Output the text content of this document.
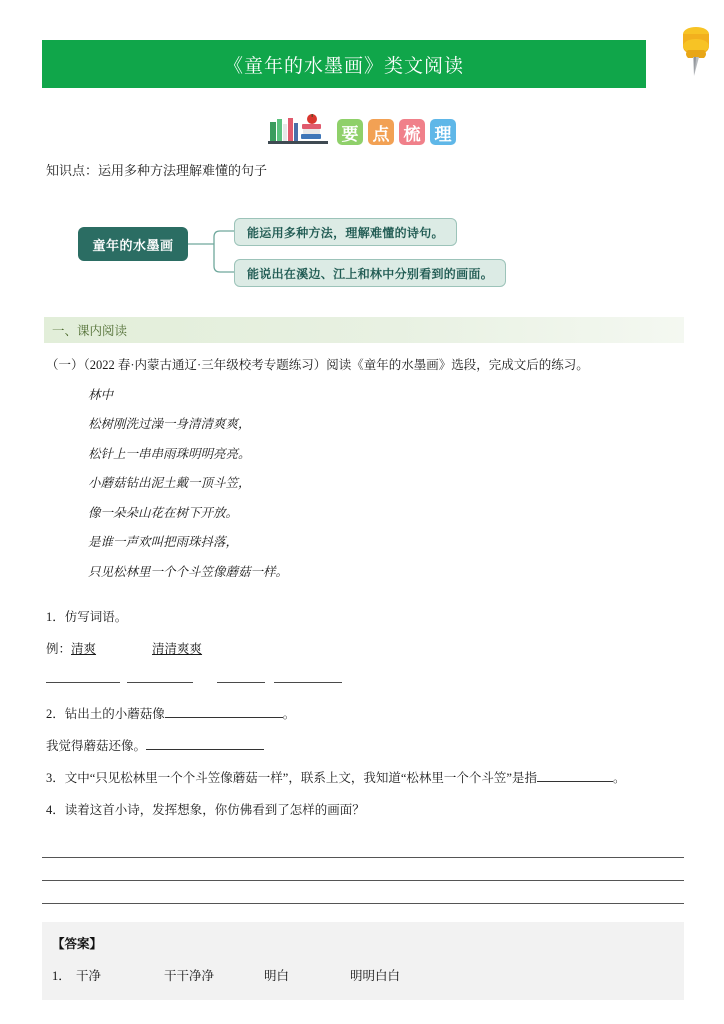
《童年的水墨画》类文阅读
要 点 梳 理
知识点：运用多种方法理解难懂的句子
童年的水墨画
能运用多种方法，理解难懂的诗句。
能说出在溪边、江上和林中分别看到的画面。
一、课内阅读
（一）（2022 春·内蒙古通辽·三年级校考专题练习）阅读《童年的水墨画》选段，完成文后的练习。
林中
松树刚洗过澡一身清清爽爽，
松针上一串串雨珠明明亮亮。
小蘑菇钻出泥土戴一顶斗笠，
像一朵朵山花在树下开放。
是谁一声欢叫把雨珠抖落，
只见松林里一个个斗笠像蘑菇一样。
1．仿写词语。
例：清爽	清清爽爽
2．钻出土的小蘑菇像	。
我觉得蘑菇还像。
3．文中“只见松林里一个个斗笠像蘑菇一样”，联系上文，我知道“松林里一个个斗笠”是指	。
4．读着这首小诗，发挥想象，你仿佛看到了怎样的画面？
【答案】
1． 干净	干干净净	明白	明明白白
